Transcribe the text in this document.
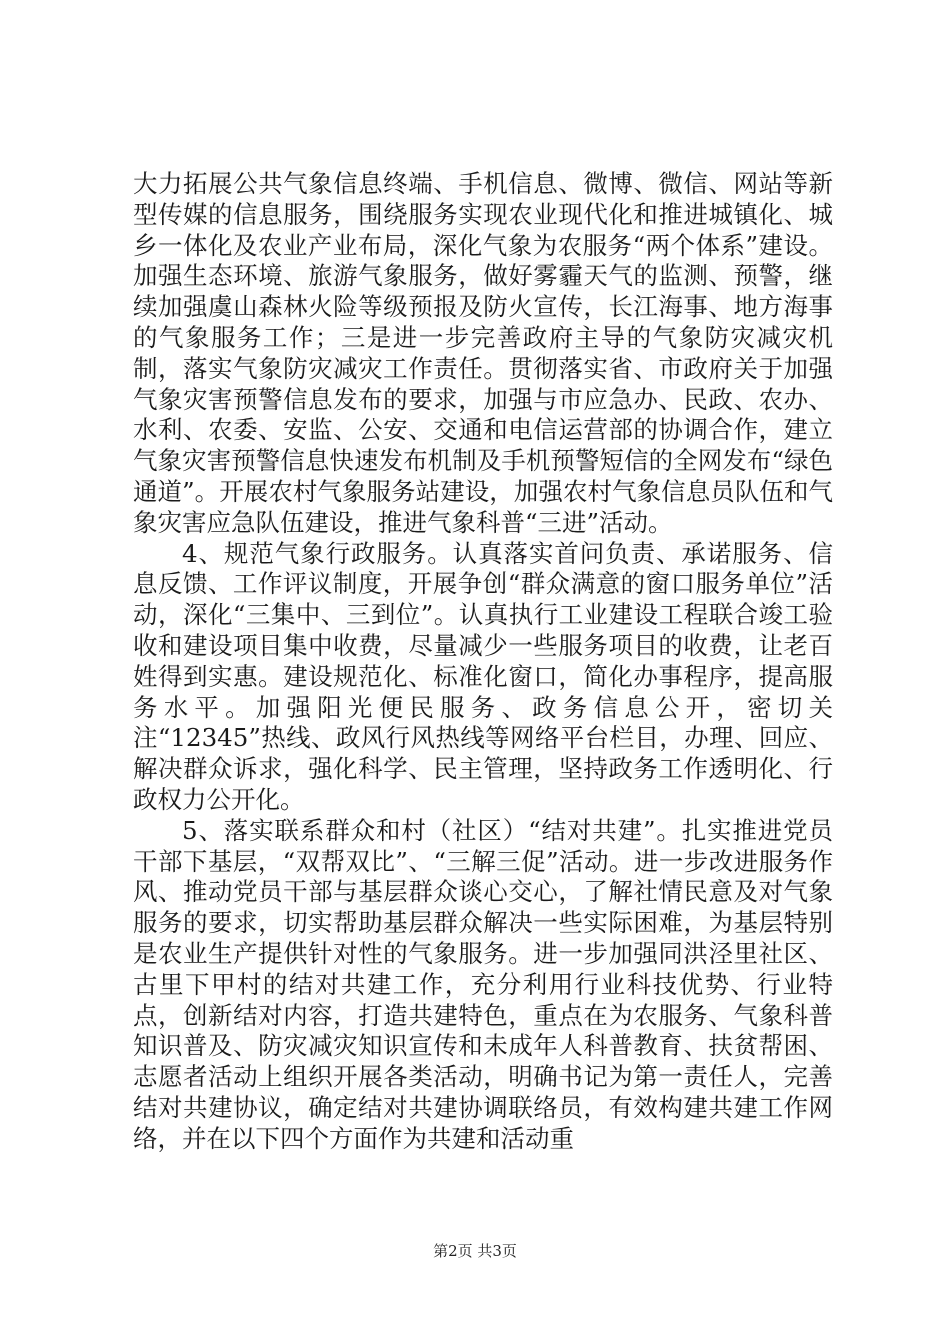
大力拓展公共气象信息终端、手机信息、微博、微信、网站等新型传媒的信息服务，围绕服务实现农业现代化和推进城镇化、城乡一体化及农业产业布局，深化气象为农服务“两个体系”建设。加强生态环境、旅游气象服务，做好雾霾天气的监测、预警，继续加强虞山森林火险等级预报及防火宣传，长江海事、地方海事的气象服务工作；三是进一步完善政府主导的气象防灾减灾机制，落实气象防灾减灾工作责任。贯彻落实省、市政府关于加强气象灾害预警信息发布的要求，加强与市应急办、民政、农办、水利、农委、安监、公安、交通和电信运营部的协调合作，建立气象灾害预警信息快速发布机制及手机预警短信的全网发布“绿色通道”。开展农村气象服务站建设，加强农村气象信息员队伍和气象灾害应急队伍建设，推进气象科普“三进”活动。

4、规范气象行政服务。认真落实首问负责、承诺服务、信息反馈、工作评议制度，开展争创“群众满意的窗口服务单位”活动，深化“三集中、三到位”。认真执行工业建设工程联合竣工验收和建设项目集中收费，尽量减少一些服务项目的收费，让老百姓得到实惠。建设规范化、标准化窗口，简化办事程序，提高服务水平。加强阳光便民服务、政务信息公开，密切关注“12345”热线、政风行风热线等网络平台栏目，办理、回应、解决群众诉求，强化科学、民主管理，坚持政务工作透明化、行政权力公开化。

5、落实联系群众和村（社区）“结对共建”。扎实推进党员干部下基层，“双帮双比”、“三解三促”活动。进一步改进服务作风、推动党员干部与基层群众谈心交心，了解社情民意及对气象服务的要求，切实帮助基层群众解决一些实际困难，为基层特别是农业生产提供针对性的气象服务。进一步加强同洪泾里社区、古里下甲村的结对共建工作，充分利用行业科技优势、行业特点，创新结对内容，打造共建特色，重点在为农服务、气象科普知识普及、防灾减灾知识宣传和未成年人科普教育、扶贫帮困、志愿者活动上组织开展各类活动，明确书记为第一责任人，完善结对共建协议，确定结对共建协调联络员，有效构建共建工作网络，并在以下四个方面作为共建和活动重

第2页 共3页
